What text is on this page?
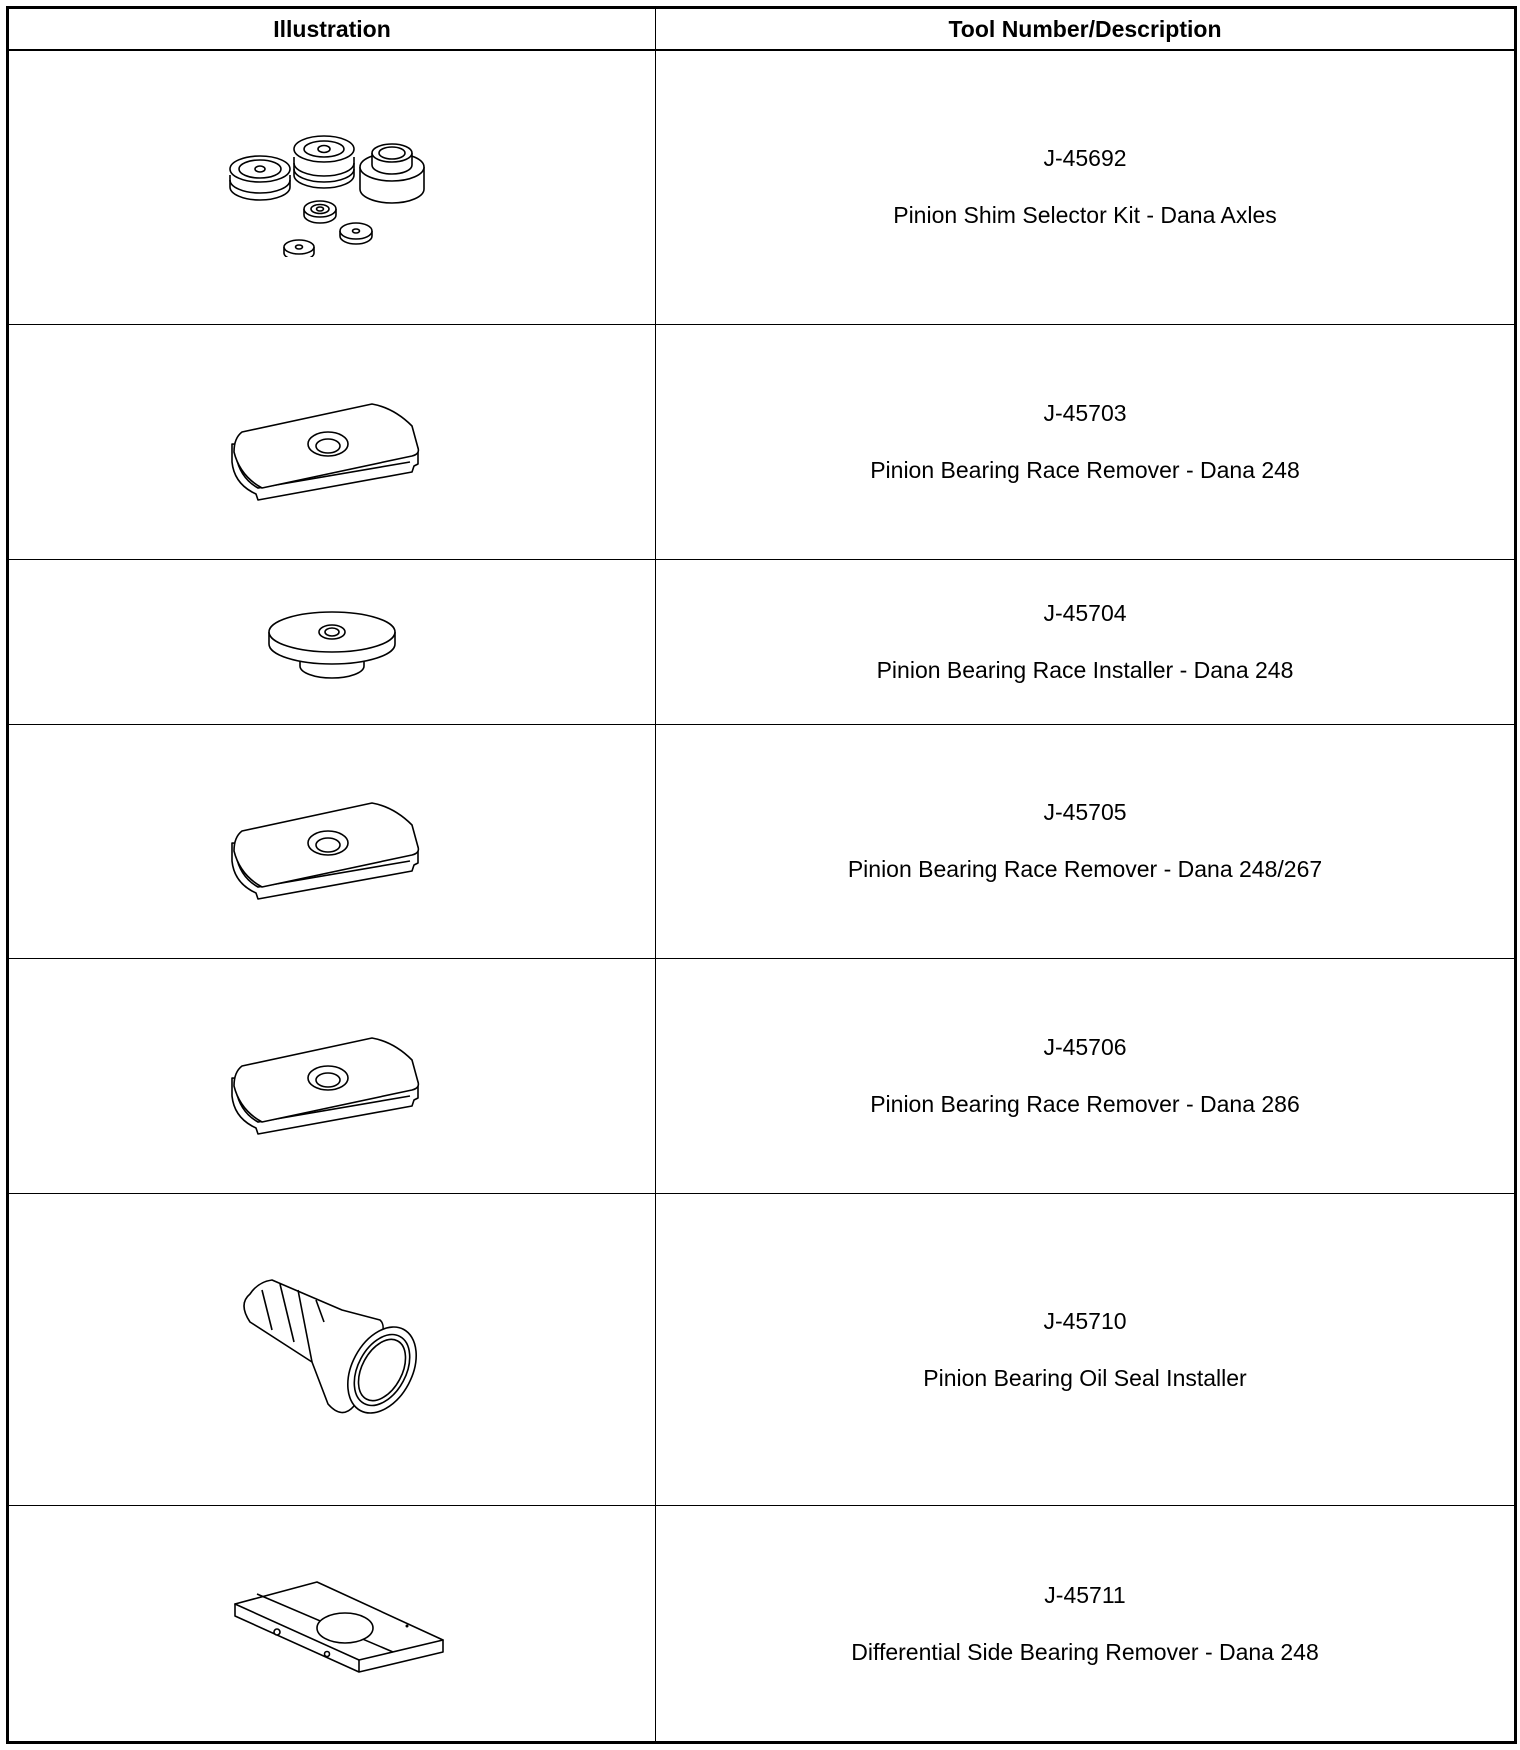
Illustration	Tool Number/Description

J-45692
Pinion Shim Selector Kit - Dana Axles

J-45703
Pinion Bearing Race Remover - Dana 248

J-45704
Pinion Bearing Race Installer - Dana 248

J-45705
Pinion Bearing Race Remover - Dana 248/267

J-45706
Pinion Bearing Race Remover - Dana 286

J-45710
Pinion Bearing Oil Seal Installer

J-45711
Differential Side Bearing Remover - Dana 248
